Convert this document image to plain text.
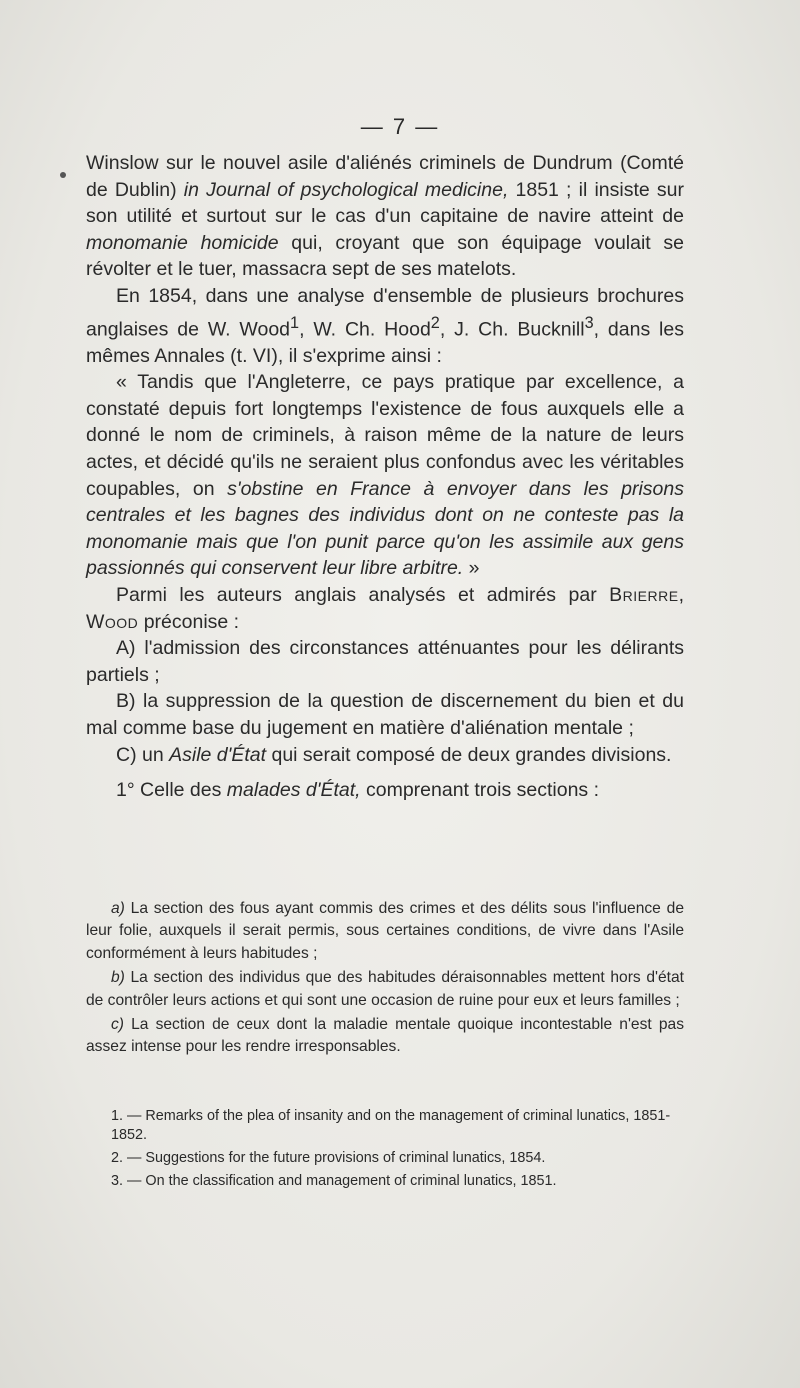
— 7 —

Winslow sur le nouvel asile d'aliénés criminels de Dundrum (Comté de Dublin) in Journal of psychological medicine, 1851 ; il insiste sur son utilité et surtout sur le cas d'un capitaine de navire atteint de monomanie homicide qui, croyant que son équipage voulait se révolter et le tuer, massacra sept de ses matelots.

En 1854, dans une analyse d'ensemble de plusieurs brochures anglaises de W. Wood$^1$, W. Ch. Hood$^2$, J. Ch. Bucknill$^3$, dans les mêmes Annales (t. VI), il s'exprime ainsi :

« Tandis que l'Angleterre, ce pays pratique par excellence, a constaté depuis fort longtemps l'existence de fous auxquels elle a donné le nom de criminels, à raison même de la nature de leurs actes, et décidé qu'ils ne seraient plus confondus avec les véritables coupables, on s'obstine en France à envoyer dans les prisons centrales et les bagnes des individus dont on ne conteste pas la monomanie mais que l'on punit parce qu'on les assimile aux gens passionnés qui conservent leur libre arbitre. »

Parmi les auteurs anglais analysés et admirés par Brierre, Wood préconise :

A) l'admission des circonstances atténuantes pour les délirants partiels ;

B) la suppression de la question de discernement du bien et du mal comme base du jugement en matière d'aliénation mentale ;

C) un Asile d'État qui serait composé de deux grandes divisions.

1° Celle des malades d'État, comprenant trois sections :

a) La section des fous ayant commis des crimes et des délits sous l'influence de leur folie, auxquels il serait permis, sous certaines conditions, de vivre dans l'Asile conformément à leurs habitudes ;

b) La section des individus que des habitudes déraisonnables mettent hors d'état de contrôler leurs actions et qui sont une occasion de ruine pour eux et leurs familles ;

c) La section de ceux dont la maladie mentale quoique incontestable n'est pas assez intense pour les rendre irresponsables.

1. — Remarks of the plea of insanity and on the management of criminal lunatics, 1851-1852.

2. — Suggestions for the future provisions of criminal lunatics, 1854.

3. — On the classification and management of criminal lunatics, 1851.
